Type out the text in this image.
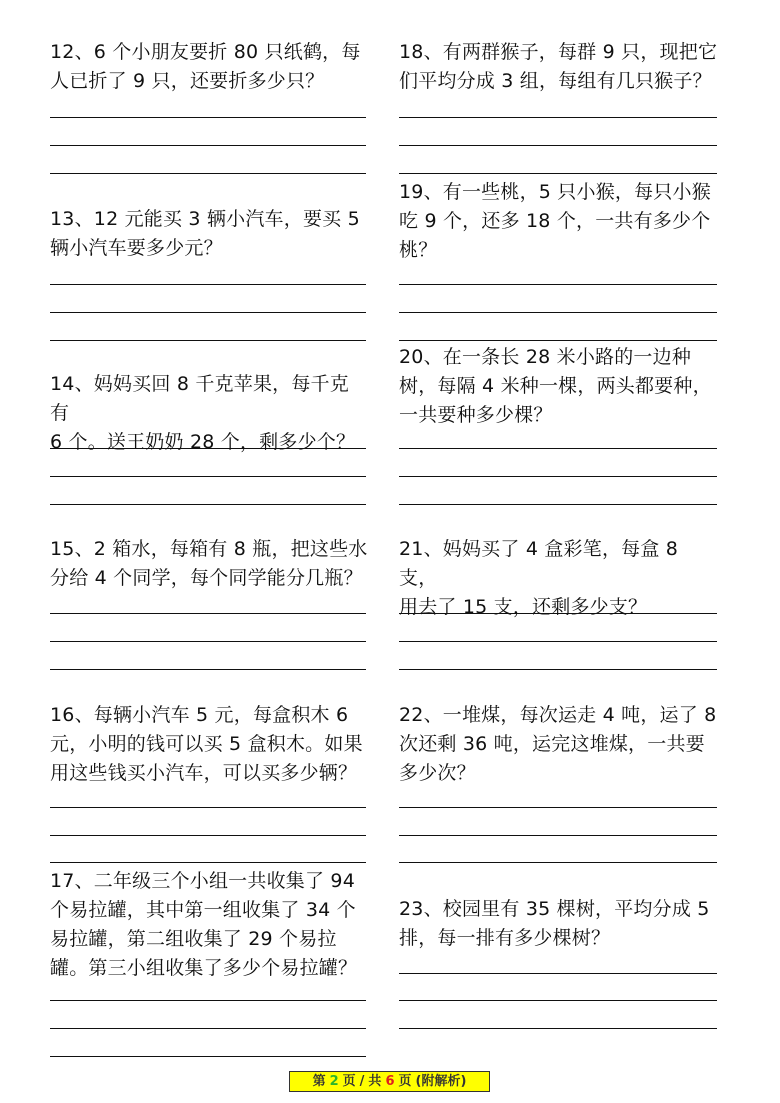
12、6 个小朋友要折 80 只纸鹤，每
人已折了 9 只，还要折多少只？
13、12 元能买 3 辆小汽车，要买 5
辆小汽车要多少元？
14、妈妈买回 8 千克苹果，每千克有
6 个。送王奶奶 28 个，剩多少个？
15、2 箱水，每箱有 8 瓶，把这些水
分给 4 个同学，每个同学能分几瓶？
16、每辆小汽车 5 元，每盒积木 6
元，小明的钱可以买 5 盒积木。如果
用这些钱买小汽车，可以买多少辆？
17、二年级三个小组一共收集了 94
个易拉罐，其中第一组收集了 34 个
易拉罐，第二组收集了 29 个易拉
罐。第三小组收集了多少个易拉罐？
18、有两群猴子，每群 9 只，现把它
们平均分成 3 组，每组有几只猴子？
19、有一些桃，5 只小猴，每只小猴
吃 9 个，还多 18 个，一共有多少个
桃？
20、在一条长 28 米小路的一边种
树，每隔 4 米种一棵，两头都要种，
一共要种多少棵？
21、妈妈买了 4 盒彩笔，每盒 8 支，
用去了 15 支，还剩多少支？
22、一堆煤，每次运走 4 吨，运了 8
次还剩 36 吨，运完这堆煤，一共要
多少次？
23、校园里有 35 棵树，平均分成 5
排，每一排有多少棵树？
第 2 页 / 共 6 页 (附解析)
